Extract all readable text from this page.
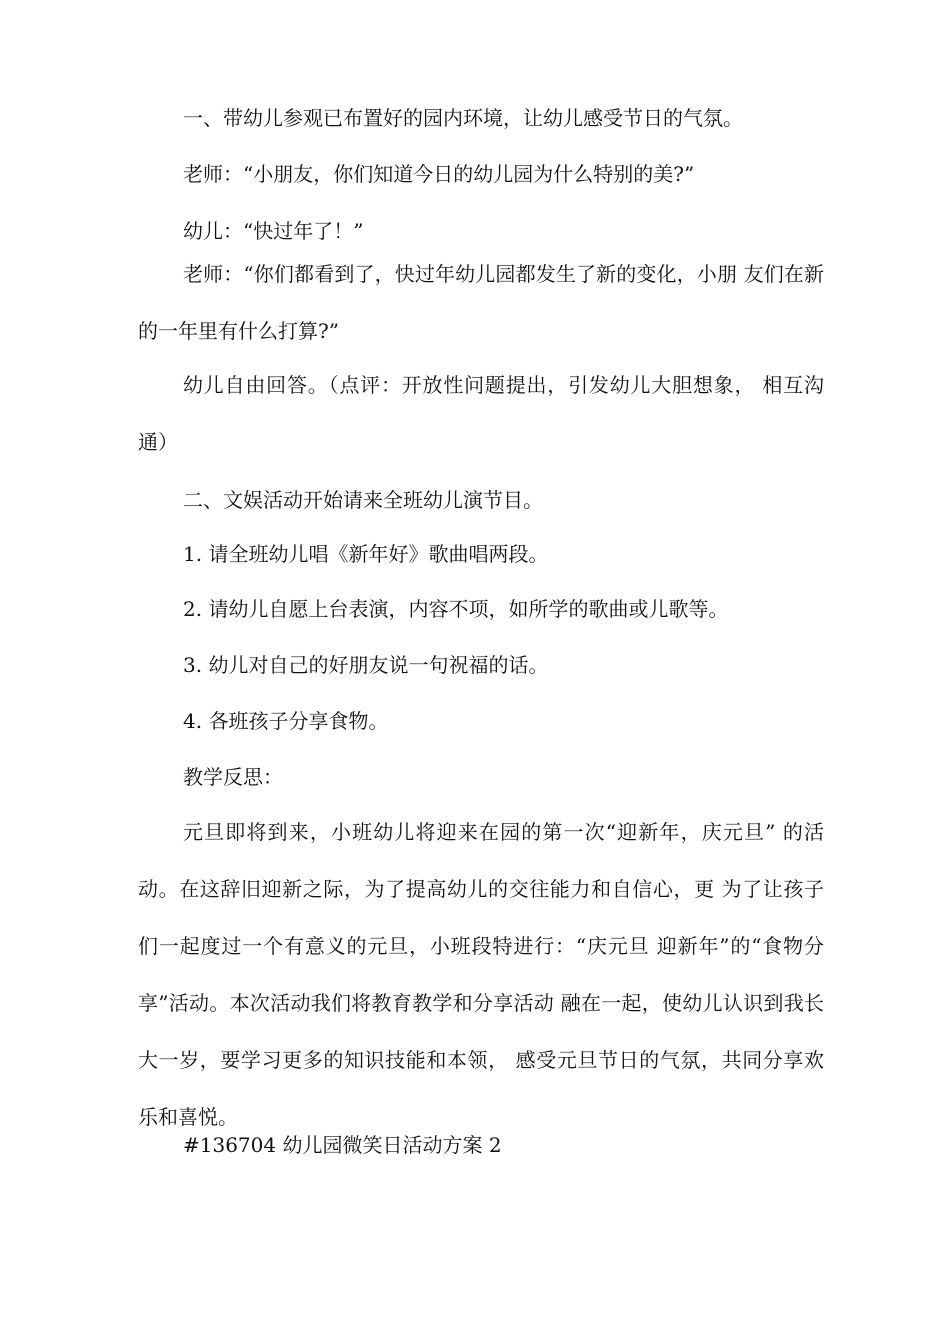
一、带幼儿参观已布置好的园内环境，让幼儿感受节日的气氛。

老师：“小朋友，你们知道今日的幼儿园为什么特别的美?”

幼儿：“快过年了！”

老师：“你们都看到了，快过年幼儿园都发生了新的变化，小朋 友们在新的一年里有什么打算?”

幼儿自由回答。（点评：开放性问题提出，引发幼儿大胆想象， 相互沟通）

二、文娱活动开始请来全班幼儿演节目。

1. 请全班幼儿唱《新年好》歌曲唱两段。

2. 请幼儿自愿上台表演，内容不项，如所学的歌曲或儿歌等。

3. 幼儿对自己的好朋友说一句祝福的话。

4. 各班孩子分享食物。

教学反思：

元旦即将到来，小班幼儿将迎来在园的第一次“迎新年，庆元旦” 的活动。在这辞旧迎新之际，为了提高幼儿的交往能力和自信心，更 为了让孩子们一起度过一个有意义的元旦，小班段特进行：“庆元旦 迎新年”的“食物分享”活动。本次活动我们将教育教学和分享活动 融在一起，使幼儿认识到我长大一岁，要学习更多的知识技能和本领， 感受元旦节日的气氛，共同分享欢乐和喜悦。

#136704 幼儿园微笑日活动方案 2
